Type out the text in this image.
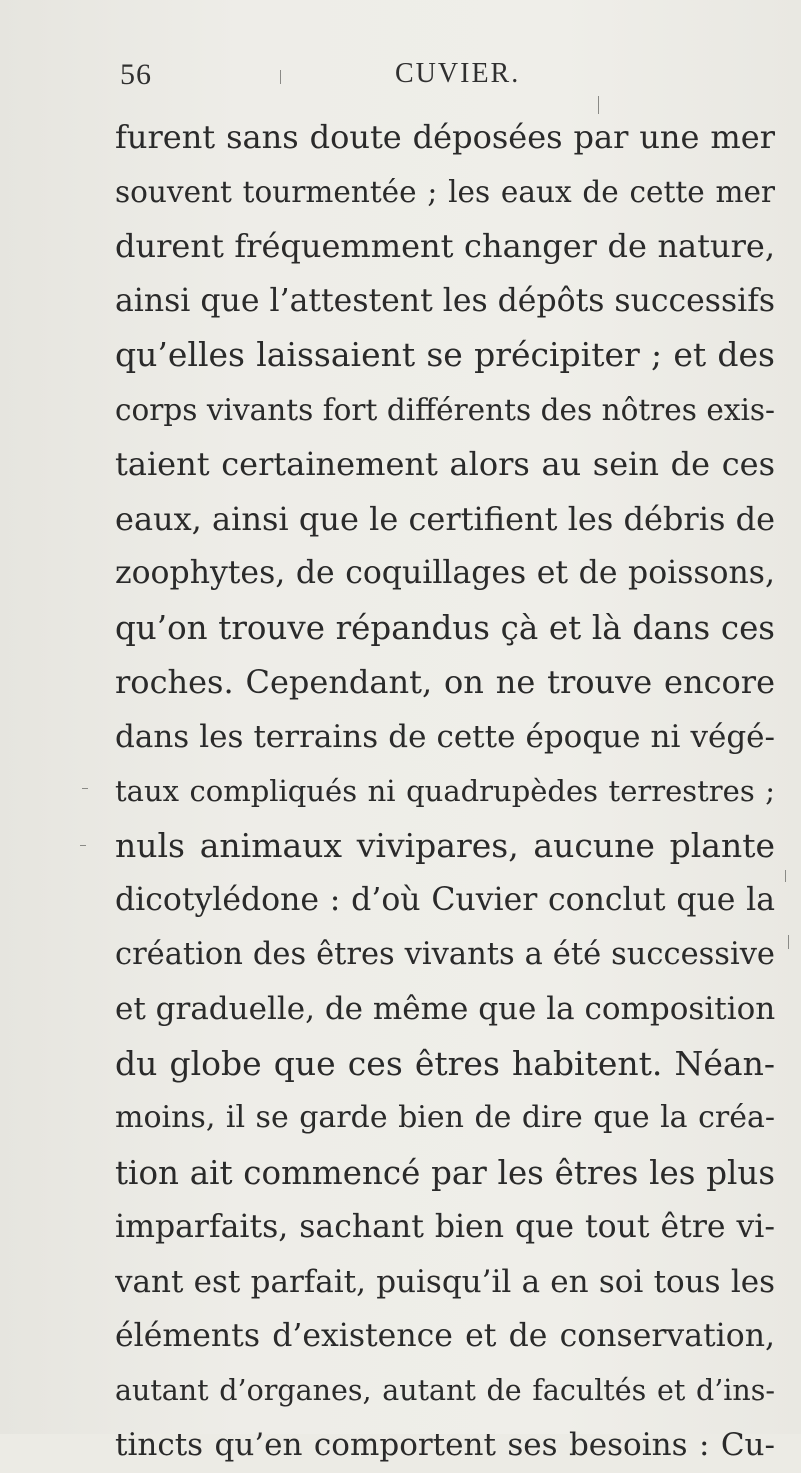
56	CUVIER.
furent sans doute déposées par une mer
souvent tourmentée ; les eaux de cette mer
durent fréquemment changer de nature,
ainsi que l’attestent les dépôts successifs
qu’elles laissaient se précipiter ; et des
corps vivants fort différents des nôtres exis-
taient certainement alors au sein de ces
eaux, ainsi que le certifient les débris de
zoophytes, de coquillages et de poissons,
qu’on trouve répandus çà et là dans ces
roches. Cependant, on ne trouve encore
dans les terrains de cette époque ni végé-
taux compliqués ni quadrupèdes terrestres ;
nuls animaux vivipares, aucune plante
dicotylédone : d’où Cuvier conclut que la
création des êtres vivants a été successive
et graduelle, de même que la composition
du globe que ces êtres habitent. Néan-
moins, il se garde bien de dire que la créa-
tion ait commencé par les êtres les plus
imparfaits, sachant bien que tout être vi-
vant est parfait, puisqu’il a en soi tous les
éléments d’existence et de conservation,
autant d’organes, autant de facultés et d’ins-
tincts qu’en comportent ses besoins : Cu-
